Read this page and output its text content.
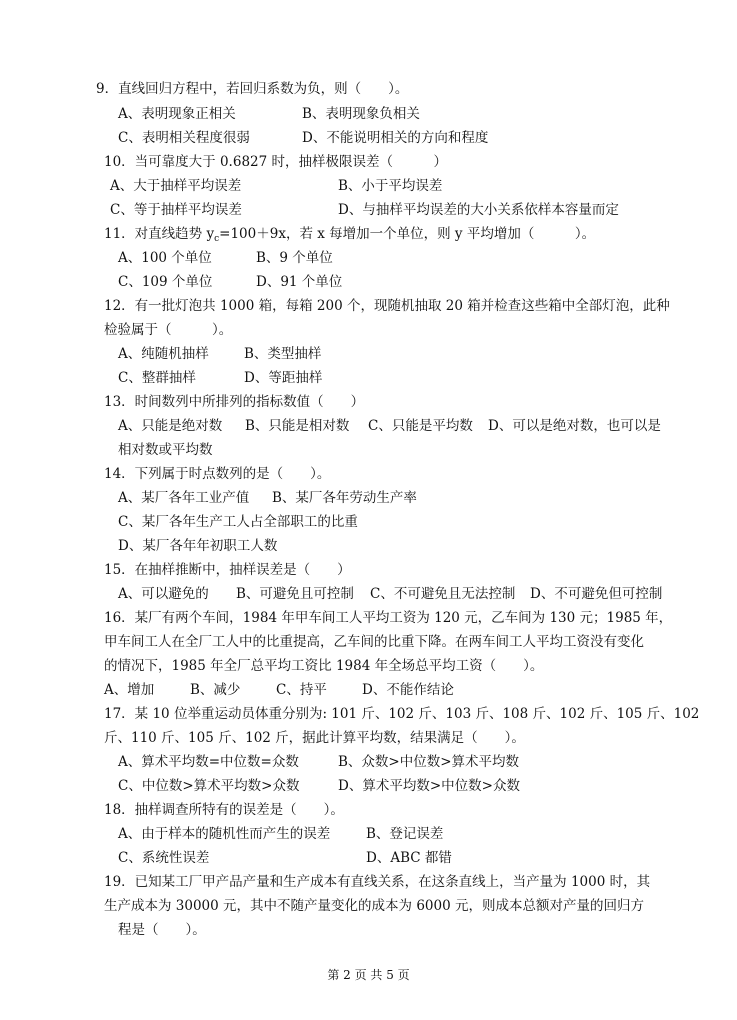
9．直线回归方程中，若回归系数为负，则（　　）。
A、表明现象正相关	B、表明现象负相关
C、表明相关程度很弱	D、不能说明相关的方向和程度
10．当可靠度大于 0.6827 时，抽样极限误差（　　　）
A、大于抽样平均误差	B、小于平均误差
C、等于抽样平均误差	D、与抽样平均误差的大小关系依样本容量而定
11．对直线趋势 $y_c=100+9x$，若 x 每增加一个单位，则 y 平均增加（　　　）。
A、100 个单位	B、9 个单位
C、109 个单位	D、91 个单位
12．有一批灯泡共 1000 箱，每箱 200 个，现随机抽取 20 箱并检查这些箱中全部灯泡，此种
检验属于（　　　）。
A、纯随机抽样	B、类型抽样
C、整群抽样	D、等距抽样
13．时间数列中所排列的指标数值（　　）
A、只能是绝对数 B、只能是相对数 C、只能是平均数 D、可以是绝对数，也可以是
相对数或平均数
14．下列属于时点数列的是（　　）。
A、某厂各年工业产值 B、某厂各年劳动生产率
C、某厂各年生产工人占全部职工的比重
D、某厂各年年初职工人数
15．在抽样推断中，抽样误差是（　　）
A、可以避免的 B、可避免且可控制 C、不可避免且无法控制 D、不可避免但可控制
16．某厂有两个车间，1984 年甲车间工人平均工资为 120 元，乙车间为 130 元；1985 年，
甲车间工人在全厂工人中的比重提高，乙车间的比重下降。在两车间工人平均工资没有变化
的情况下，1985 年全厂总平均工资比 1984 年全场总平均工资（　　）。
A、增加	B、减少	C、持平	D、不能作结论
17．某 10 位举重运动员体重分别为: 101 斤、102 斤、103 斤、108 斤、102 斤、105 斤、102
斤、110 斤、105 斤、102 斤，据此计算平均数，结果满足（　　）。
A、算术平均数=中位数=众数	B、众数>中位数>算术平均数
C、中位数>算术平均数>众数	D、算术平均数>中位数>众数
18．抽样调查所特有的误差是（　　）。
A、由于样本的随机性而产生的误差	B、登记误差
C、系统性误差	D、ABC 都错
19．已知某工厂甲产品产量和生产成本有直线关系，在这条直线上，当产量为 1000 时，其
生产成本为 30000 元，其中不随产量变化的成本为 6000 元，则成本总额对产量的回归方
程是（　　）。
第 2 页 共 5 页
